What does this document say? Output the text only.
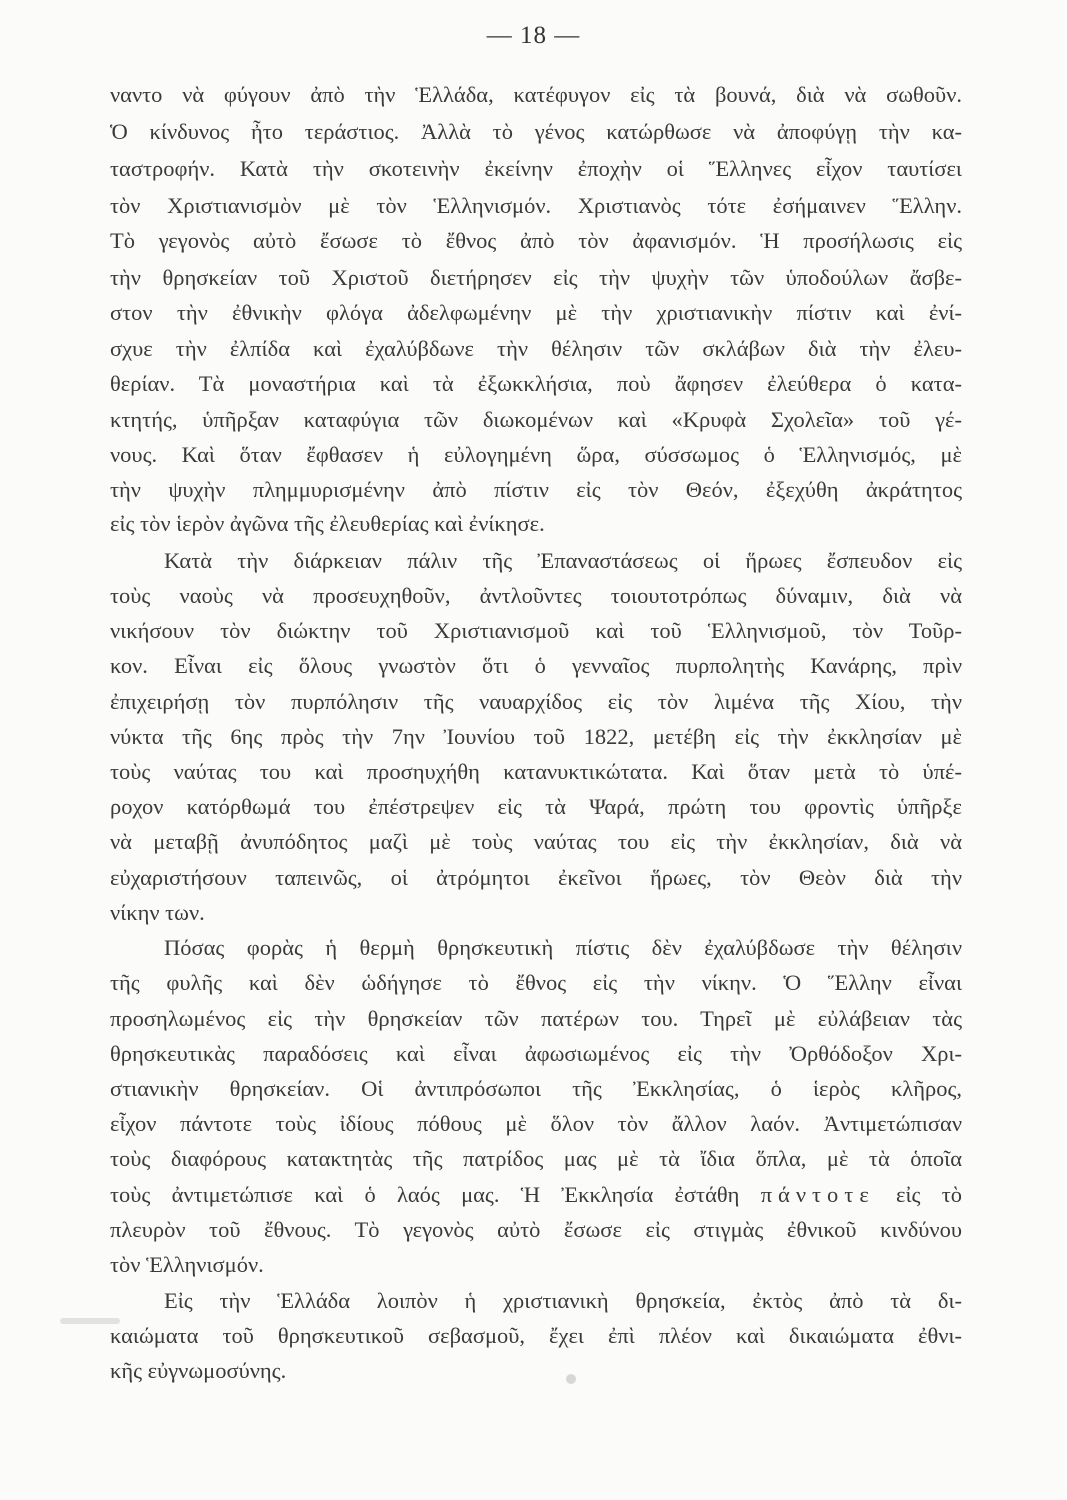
— 18 —
ναντο νὰ φύγουν ἀπὸ τὴν Ἑλλάδα, κατέφυγον εἰς τὰ βουνά, διὰ νὰ σωθοῦν.
Ὁ κίνδυνος ἦτο τεράστιος. Ἀλλὰ τὸ γένος κατώρθωσε νὰ ἀποφύγῃ τὴν κα-
ταστροφήν. Κατὰ τὴν σκοτεινὴν ἐκείνην ἐποχὴν οἱ Ἕλληνες εἶχον ταυτίσει
τὸν Χριστιανισμὸν μὲ τὸν Ἑλληνισμόν. Χριστιανὸς τότε ἐσήμαινεν Ἕλλην.
Τὸ γεγονὸς αὐτὸ ἔσωσε τὸ ἔθνος ἀπὸ τὸν ἀφανισμόν. Ἡ προσήλωσις εἰς
τὴν θρησκείαν τοῦ Χριστοῦ διετήρησεν εἰς τὴν ψυχὴν τῶν ὑποδούλων ἄσβε-
στον τὴν ἐθνικὴν φλόγα ἀδελφωμένην μὲ τὴν χριστιανικὴν πίστιν καὶ ἐνί-
σχυε τὴν ἐλπίδα καὶ ἐχαλύβδωνε τὴν θέλησιν τῶν σκλάβων διὰ τὴν ἐλευ-
θερίαν. Τὰ μοναστήρια καὶ τὰ ἐξωκκλήσια, ποὺ ἄφησεν ἐλεύθερα ὁ κατα-
κτητής, ὑπῆρξαν καταφύγια τῶν διωκομένων καὶ «Κρυφὰ Σχολεῖα» τοῦ γέ-
νους. Καὶ ὅταν ἔφθασεν ἡ εὐλογημένη ὥρα, σύσσωμος ὁ Ἑλληνισμός, μὲ
τὴν ψυχὴν πλημμυρισμένην ἀπὸ πίστιν εἰς τὸν Θεόν, ἐξεχύθη ἀκράτητος
εἰς τὸν ἱερὸν ἀγῶνα τῆς ἐλευθερίας καὶ ἐνίκησε.
Κατὰ τὴν διάρκειαν πάλιν τῆς Ἐπαναστάσεως οἱ ἥρωες ἔσπευδον εἰς
τοὺς ναοὺς νὰ προσευχηθοῦν, ἀντλοῦντες τοιουτοτρόπως δύναμιν, διὰ νὰ
νικήσουν τὸν διώκτην τοῦ Χριστιανισμοῦ καὶ τοῦ Ἑλληνισμοῦ, τὸν Τοῦρ-
κον. Εἶναι εἰς ὅλους γνωστὸν ὅτι ὁ γενναῖος πυρπολητὴς Κανάρης, πρὶν
ἐπιχειρήσῃ τὸν πυρπόλησιν τῆς ναυαρχίδος εἰς τὸν λιμένα τῆς Χίου, τὴν
νύκτα τῆς 6ης πρὸς τὴν 7ην Ἰουνίου τοῦ 1822, μετέβη εἰς τὴν ἐκκλησίαν μὲ
τοὺς ναύτας του καὶ προσηυχήθη κατανυκτικώτατα. Καὶ ὅταν μετὰ τὸ ὑπέ-
ροχον κατόρθωμά του ἐπέστρεψεν εἰς τὰ Ψαρά, πρώτη του φροντὶς ὑπῆρξε
νὰ μεταβῇ ἀνυπόδητος μαζὶ μὲ τοὺς ναύτας του εἰς τὴν ἐκκλησίαν, διὰ νὰ
εὐχαριστήσουν ταπεινῶς, οἱ ἀτρόμητοι ἐκεῖνοι ἥρωες, τὸν Θεὸν διὰ τὴν
νίκην των.
Πόσας φορὰς ἡ θερμὴ θρησκευτικὴ πίστις δὲν ἐχαλύβδωσε τὴν θέλησιν
τῆς φυλῆς καὶ δὲν ὡδήγησε τὸ ἔθνος εἰς τὴν νίκην. Ὁ Ἕλλην εἶναι
προσηλωμένος εἰς τὴν θρησκείαν τῶν πατέρων του. Τηρεῖ μὲ εὐλάβειαν τὰς
θρησκευτικὰς παραδόσεις καὶ εἶναι ἀφωσιωμένος εἰς τὴν Ὀρθόδοξον Χρι-
στιανικὴν θρησκείαν. Οἱ ἀντιπρόσωποι τῆς Ἐκκλησίας, ὁ ἱερὸς κλῆρος,
εἶχον πάντοτε τοὺς ἰδίους πόθους μὲ ὅλον τὸν ἄλλον λαόν. Ἀντιμετώπισαν
τοὺς διαφόρους κατακτητὰς τῆς πατρίδος μας μὲ τὰ ἴδια ὅπλα, μὲ τὰ ὁποῖα
τοὺς ἀντιμετώπισε καὶ ὁ λαός μας. Ἡ Ἐκκλησία ἐστάθη πάντοτε εἰς τὸ
πλευρὸν τοῦ ἔθνους. Τὸ γεγονὸς αὐτὸ ἔσωσε εἰς στιγμὰς ἐθνικοῦ κινδύνου
τὸν Ἑλληνισμόν.
Εἰς τὴν Ἑλλάδα λοιπὸν ἡ χριστιανικὴ θρησκεία, ἐκτὸς ἀπὸ τὰ δι-
καιώματα τοῦ θρησκευτικοῦ σεβασμοῦ, ἔχει ἐπὶ πλέον καὶ δικαιώματα ἐθνι-
κῆς εὐγνωμοσύνης.
